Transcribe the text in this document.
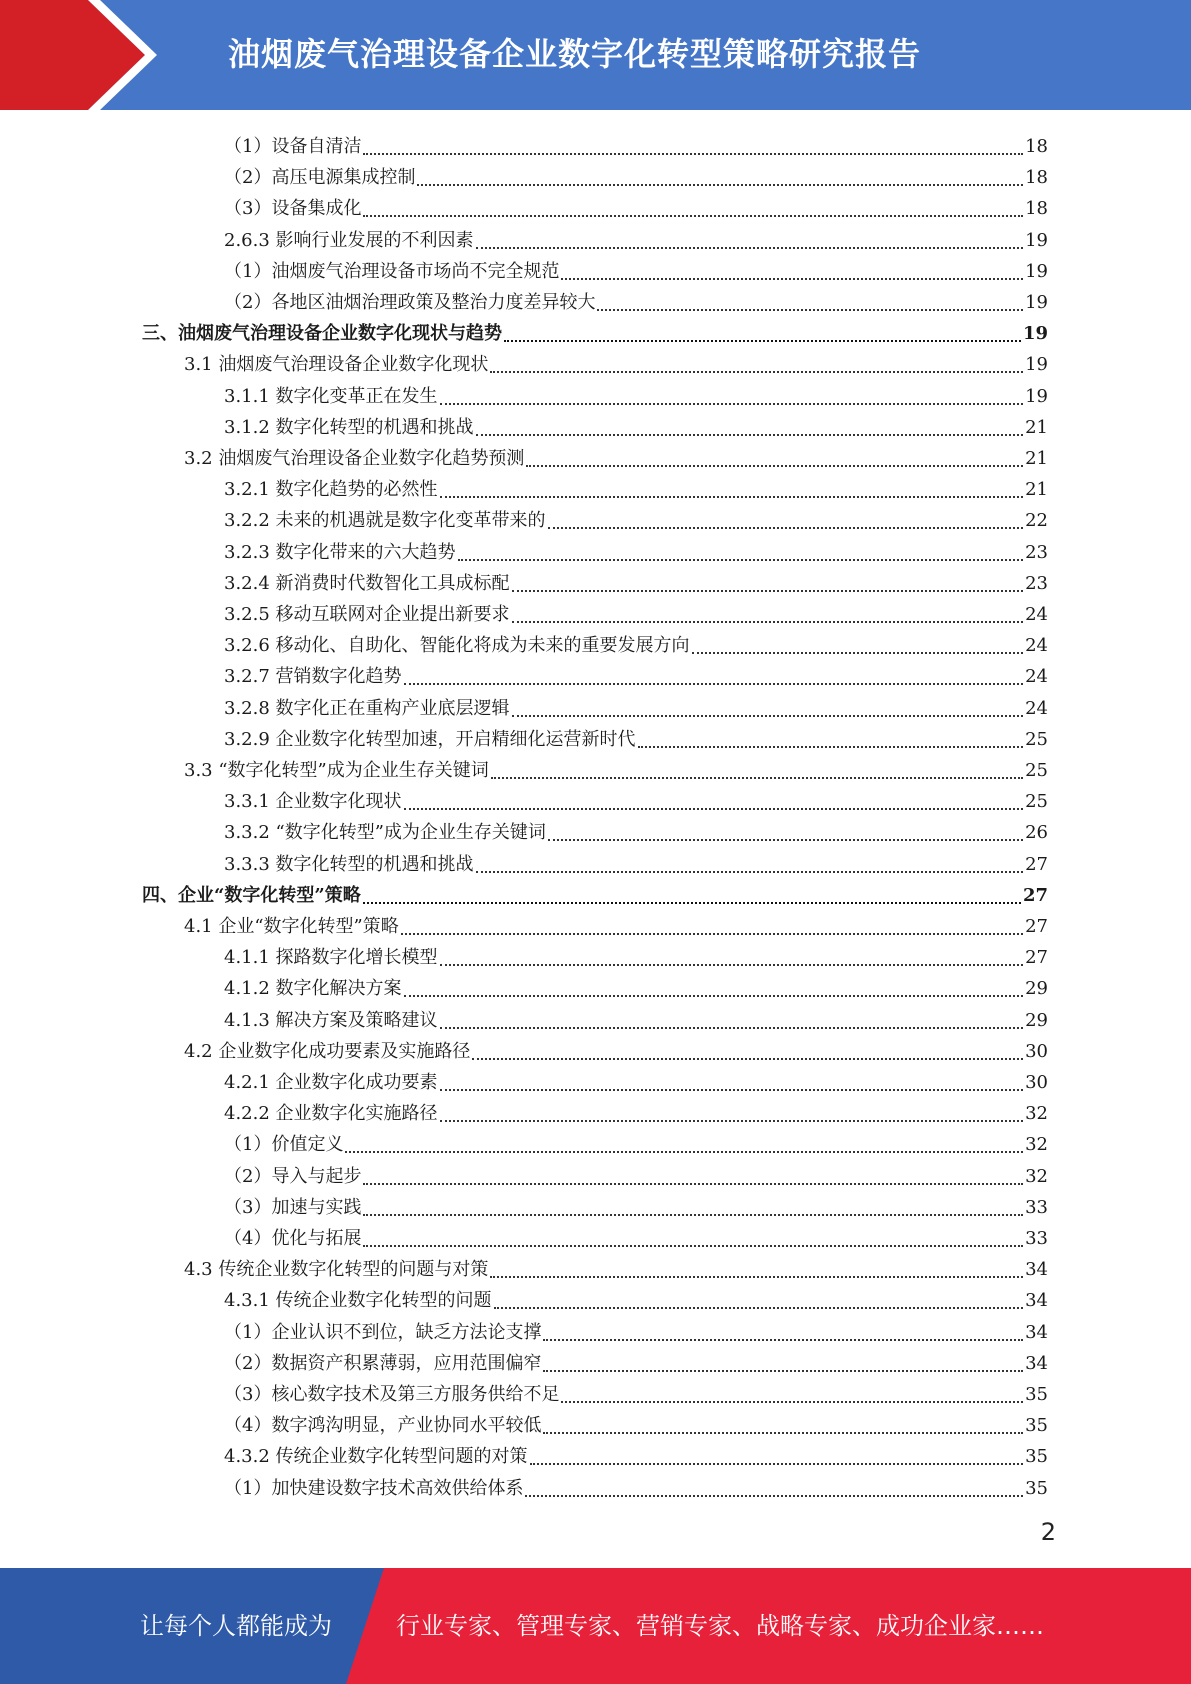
油烟废气治理设备企业数字化转型策略研究报告
（1）设备自清洁	18
（2）高压电源集成控制	18
（3）设备集成化	18
2.6.3 影响行业发展的不利因素	19
（1）油烟废气治理设备市场尚不完全规范	19
（2）各地区油烟治理政策及整治力度差异较大	19
三、油烟废气治理设备企业数字化现状与趋势	19
3.1 油烟废气治理设备企业数字化现状	19
3.1.1 数字化变革正在发生	19
3.1.2 数字化转型的机遇和挑战	21
3.2 油烟废气治理设备企业数字化趋势预测	21
3.2.1 数字化趋势的必然性	21
3.2.2 未来的机遇就是数字化变革带来的	22
3.2.3 数字化带来的六大趋势	23
3.2.4 新消费时代数智化工具成标配	23
3.2.5 移动互联网对企业提出新要求	24
3.2.6 移动化、自助化、智能化将成为未来的重要发展方向	24
3.2.7 营销数字化趋势	24
3.2.8 数字化正在重构产业底层逻辑	24
3.2.9 企业数字化转型加速，开启精细化运营新时代	25
3.3 “数字化转型”成为企业生存关键词	25
3.3.1 企业数字化现状	25
3.3.2 “数字化转型”成为企业生存关键词	26
3.3.3 数字化转型的机遇和挑战	27
四、企业“数字化转型”策略	27
4.1 企业“数字化转型”策略	27
4.1.1 探路数字化增长模型	27
4.1.2 数字化解决方案	29
4.1.3 解决方案及策略建议	29
4.2 企业数字化成功要素及实施路径	30
4.2.1 企业数字化成功要素	30
4.2.2 企业数字化实施路径	32
（1）价值定义	32
（2）导入与起步	32
（3）加速与实践	33
（4）优化与拓展	33
4.3 传统企业数字化转型的问题与对策	34
4.3.1 传统企业数字化转型的问题	34
（1）企业认识不到位，缺乏方法论支撑	34
（2）数据资产积累薄弱，应用范围偏窄	34
（3）核心数字技术及第三方服务供给不足	35
（4）数字鸿沟明显，产业协同水平较低	35
4.3.2 传统企业数字化转型问题的对策	35
（1）加快建设数字技术高效供给体系	35
2
让每个人都能成为	行业专家、管理专家、营销专家、战略专家、成功企业家……
